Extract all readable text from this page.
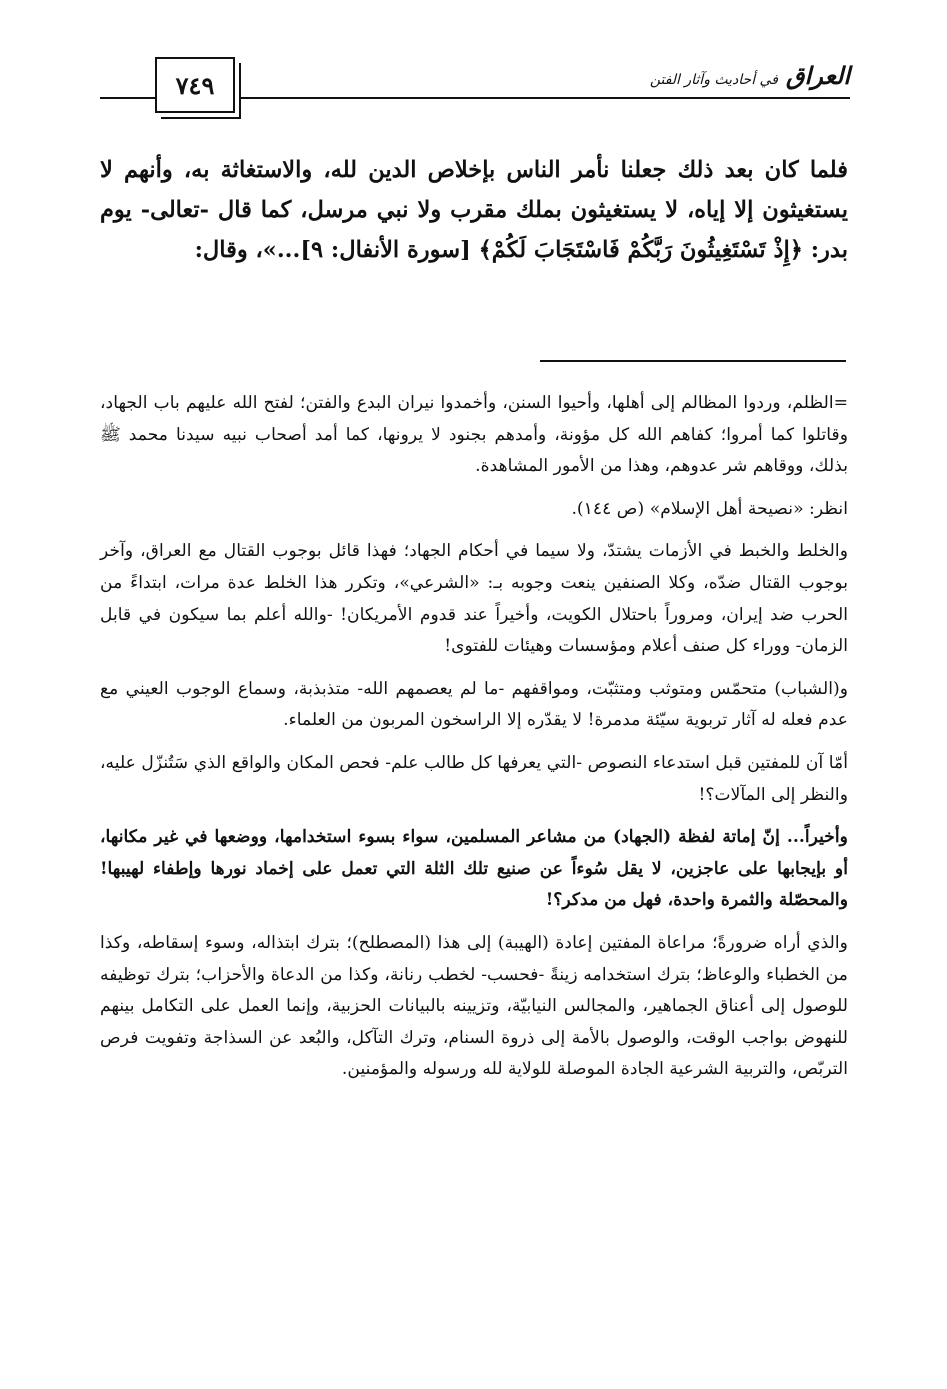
٧٤٩	العراق
في أحاديث وآثار الفتن

فلما كان بعد ذلك جعلنا نأمر الناس بإخلاص الدين لله، والاستغاثة به، وأنهم لا يستغيثون إلا إياه، لا يستغيثون بملك مقرب ولا نبي مرسل، كما قال -تعالى- يوم بدر: ﴿إِذْ تَسْتَغِيثُونَ رَبَّكُمْ فَاسْتَجَابَ لَكُمْ﴾ [سورة الأنفال: ٩]...»، وقال:

=الظلم، وردوا المظالم إلى أهلها، وأحيوا السنن، وأخمدوا نيران البدع والفتن؛ لفتح الله عليهم باب الجهاد، وقاتلوا كما أمروا؛ كفاهم الله كل مؤونة، وأمدهم بجنود لا يرونها، كما أمد أصحاب نبيه سيدنا محمد ﷺ بذلك، ووقاهم شر عدوهم، وهذا من الأمور المشاهدة.

انظر: «نصيحة أهل الإسلام» (ص ١٤٤).

والخلط والخبط في الأزمات يشتدّ، ولا سيما في أحكام الجهاد؛ فهذا قائل بوجوب القتال مع العراق، وآخر بوجوب القتال ضدّه، وكلا الصنفين ينعت وجوبه بـ: «الشرعي»، وتكرر هذا الخلط عدة مرات، ابتداءً من الحرب ضد إيران، ومروراً باحتلال الكويت، وأخيراً عند قدوم الأمريكان! -والله أعلم بما سيكون في قابل الزمان- ووراء كل صنف أعلام ومؤسسات وهيئات للفتوى!

و(الشباب) متحمّس ومتوثب ومتثبّت، ومواقفهم -ما لم يعصمهم الله- متذبذبة، وسماع الوجوب العيني مع عدم فعله له آثار تربوية سيّئة مدمرة! لا يقدّره إلا الراسخون المربون من العلماء.

أمّا آن للمفتين قبل استدعاء النصوص -التي يعرفها كل طالب علم- فحص المكان والواقع الذي سَتُنزّل عليه، والنظر إلى المآلات؟!

وأخيراً... إنّ إماتة لفظة (الجهاد) من مشاعر المسلمين، سواء بسوء استخدامها، ووضعها في غير مكانها، أو بإيجابها على عاجزين، لا يقل سُوءاً عن صنيع تلك الثلة التي تعمل على إخماد نورها وإطفاء لهيبها! والمحصّلة والثمرة واحدة، فهل من مدكر؟!

والذي أراه ضرورةً؛ مراعاة المفتين إعادة (الهيبة) إلى هذا (المصطلح)؛ بترك ابتذاله، وسوء إسقاطه، وكذا من الخطباء والوعاظ؛ بترك استخدامه زينةً -فحسب- لخطب رنانة، وكذا من الدعاة والأحزاب؛ بترك توظيفه للوصول إلى أعناق الجماهير، والمجالس النيابيّة، وتزيينه بالبيانات الحزبية، وإنما العمل على التكامل بينهم للنهوض بواجب الوقت، والوصول بالأمة إلى ذروة السنام، وترك التآكل، والبُعد عن السذاجة وتفويت فرص التربّص، والتربية الشرعية الجادة الموصلة للولاية لله ورسوله والمؤمنين.
